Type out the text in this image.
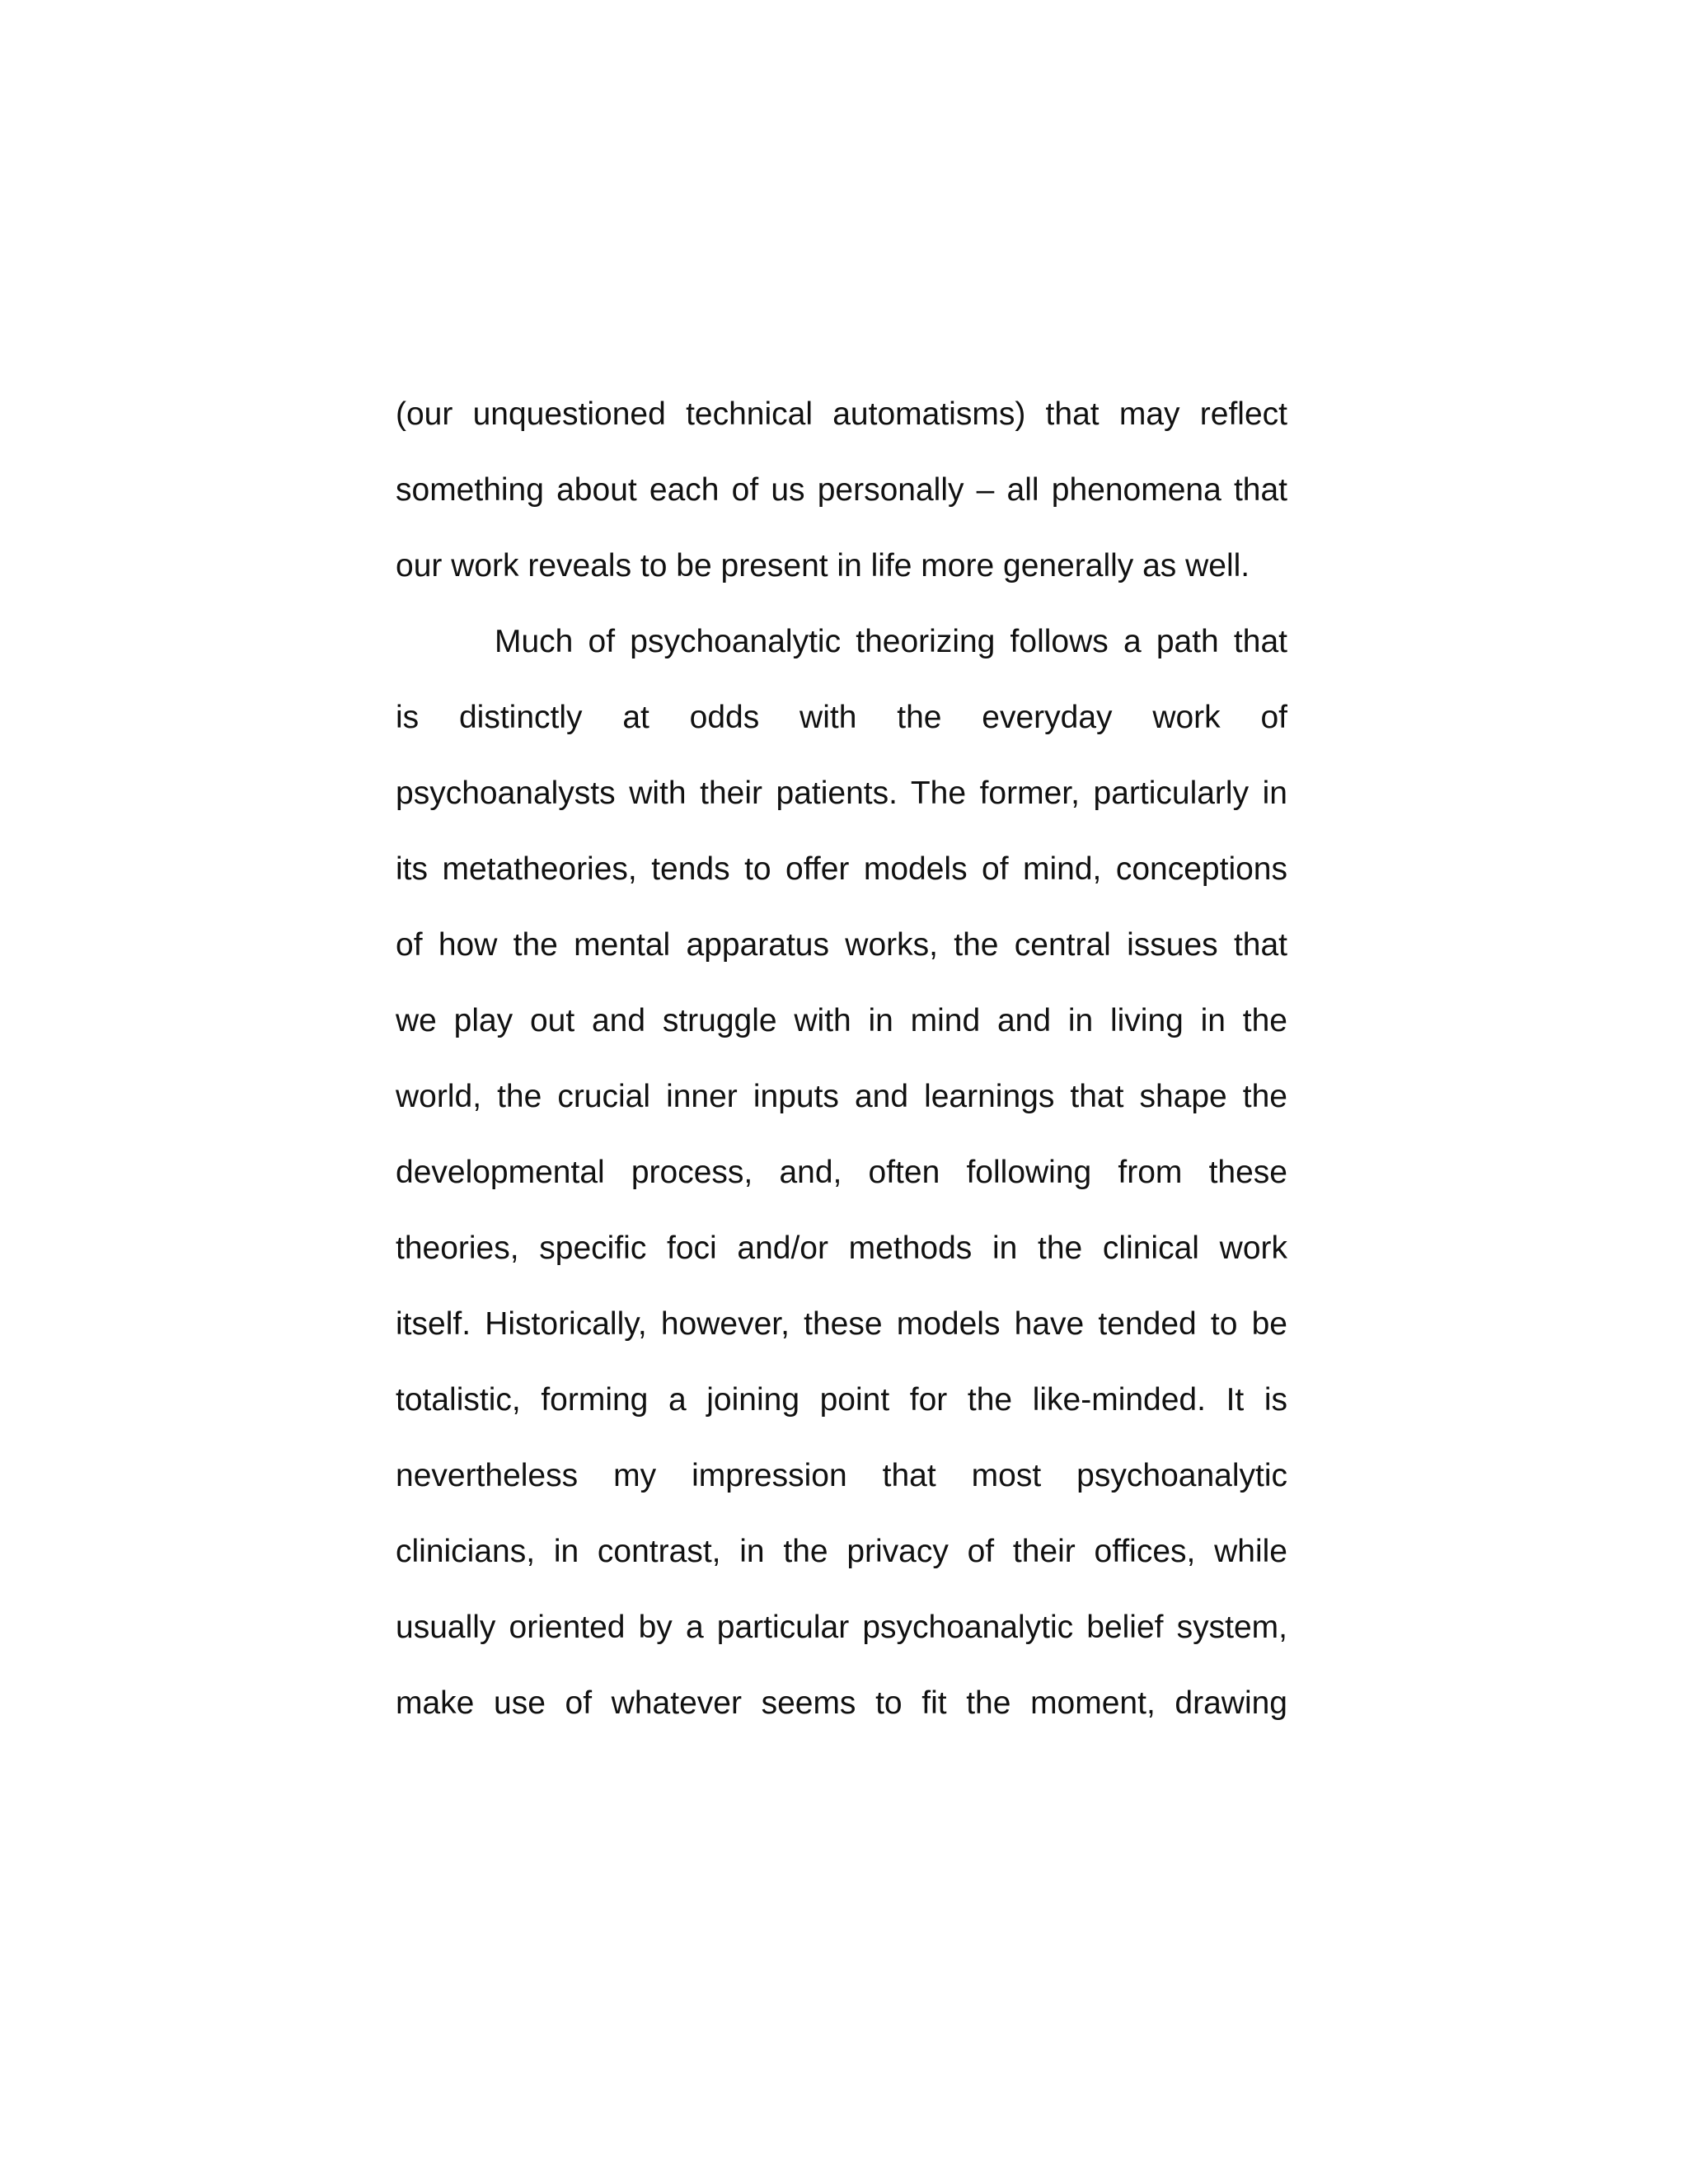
(our unquestioned technical automatisms) that may reflect
something about each of us personally – all phenomena that
our work reveals to be present in life more generally as well.
Much of psychoanalytic theorizing follows a path that
is distinctly at odds with the everyday work of
psychoanalysts with their patients. The former, particularly in
its metatheories, tends to offer models of mind, conceptions
of how the mental apparatus works, the central issues that
we play out and struggle with in mind and in living in the
world, the crucial inner inputs and learnings that shape the
developmental process, and, often following from these
theories, specific foci and/or methods in the clinical work
itself. Historically, however, these models have tended to be
totalistic, forming a joining point for the like-minded. It is
nevertheless my impression that most psychoanalytic
clinicians, in contrast, in the privacy of their offices, while
usually oriented by a particular psychoanalytic belief system,
make use of whatever seems to fit the moment, drawing
